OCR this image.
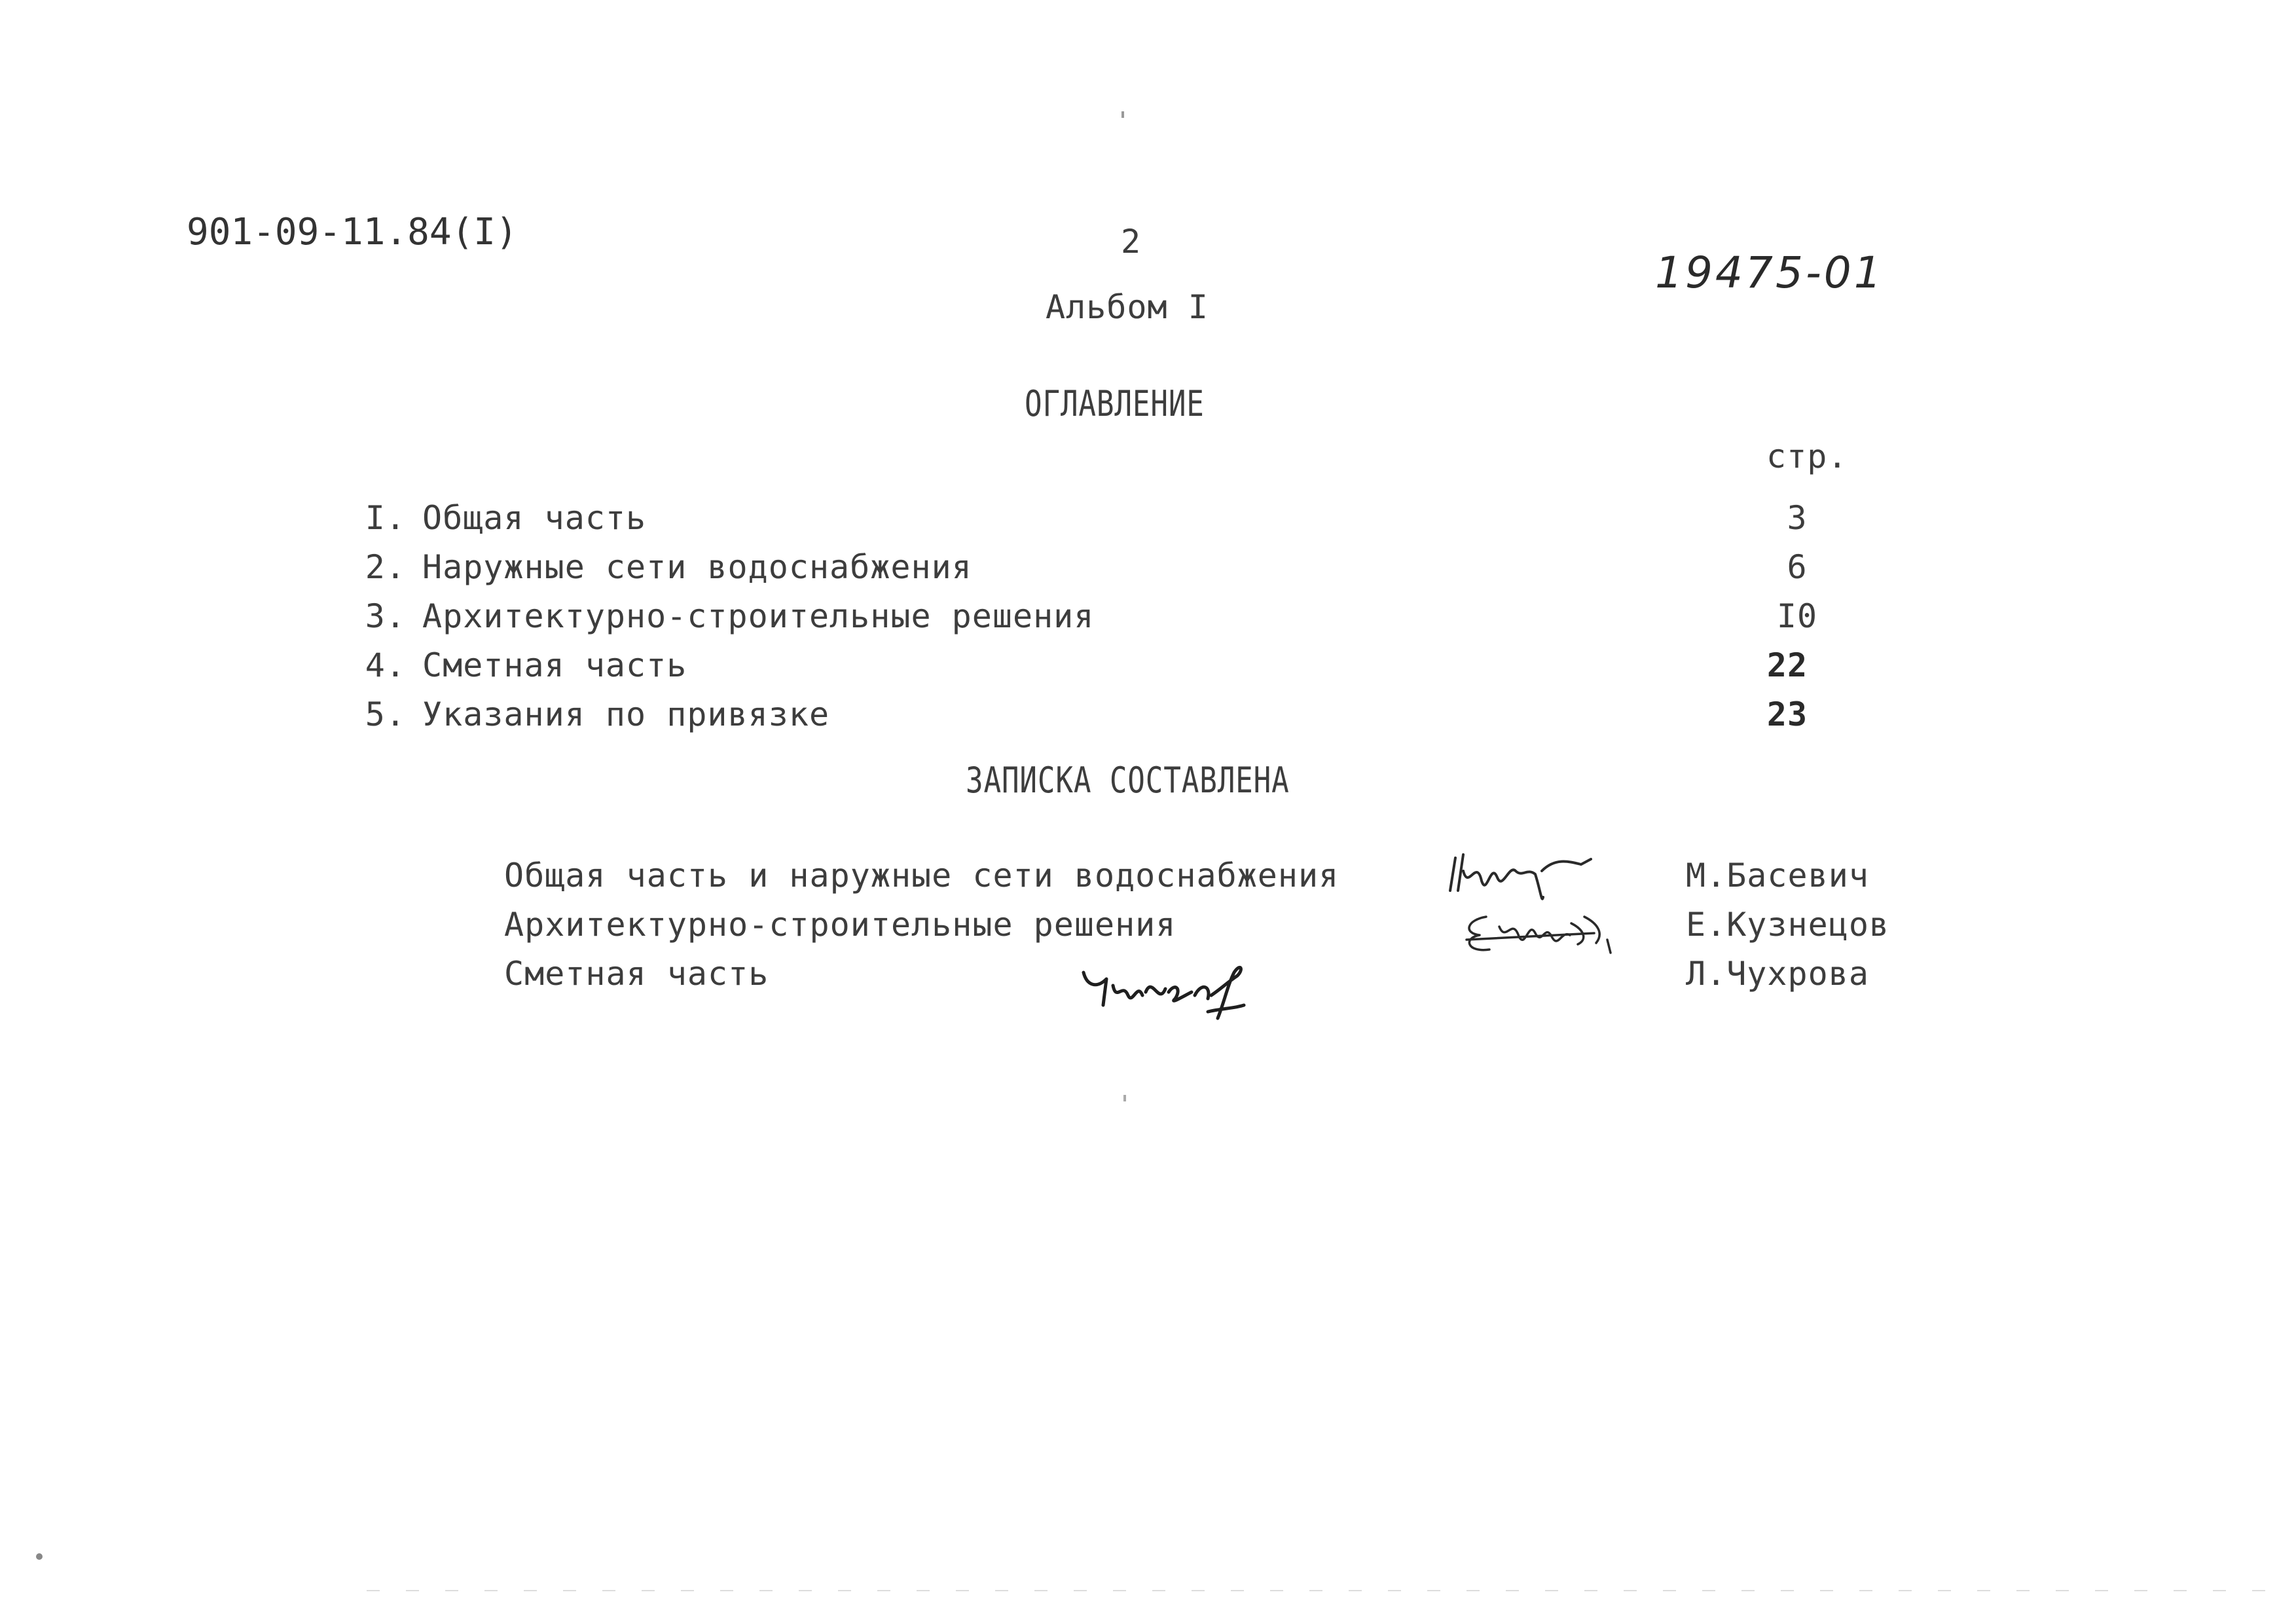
901-09-11.84(I)	2
19475-01
Альбом I
ОГЛАВЛЕНИЕ
стр.
I. Общая часть	3
2. Наружные сети водоснабжения	6
3. Архитектурно-строительные решения	I0
4. Сметная часть	22
5. Указания по привязке	23
ЗАПИСКА СОСТАВЛЕНА
Общая часть и наружные сети водоснабжения	М.Басевич
Архитектурно-строительные решения	Е.Кузнецов
Сметная часть	Л.Чухрова
